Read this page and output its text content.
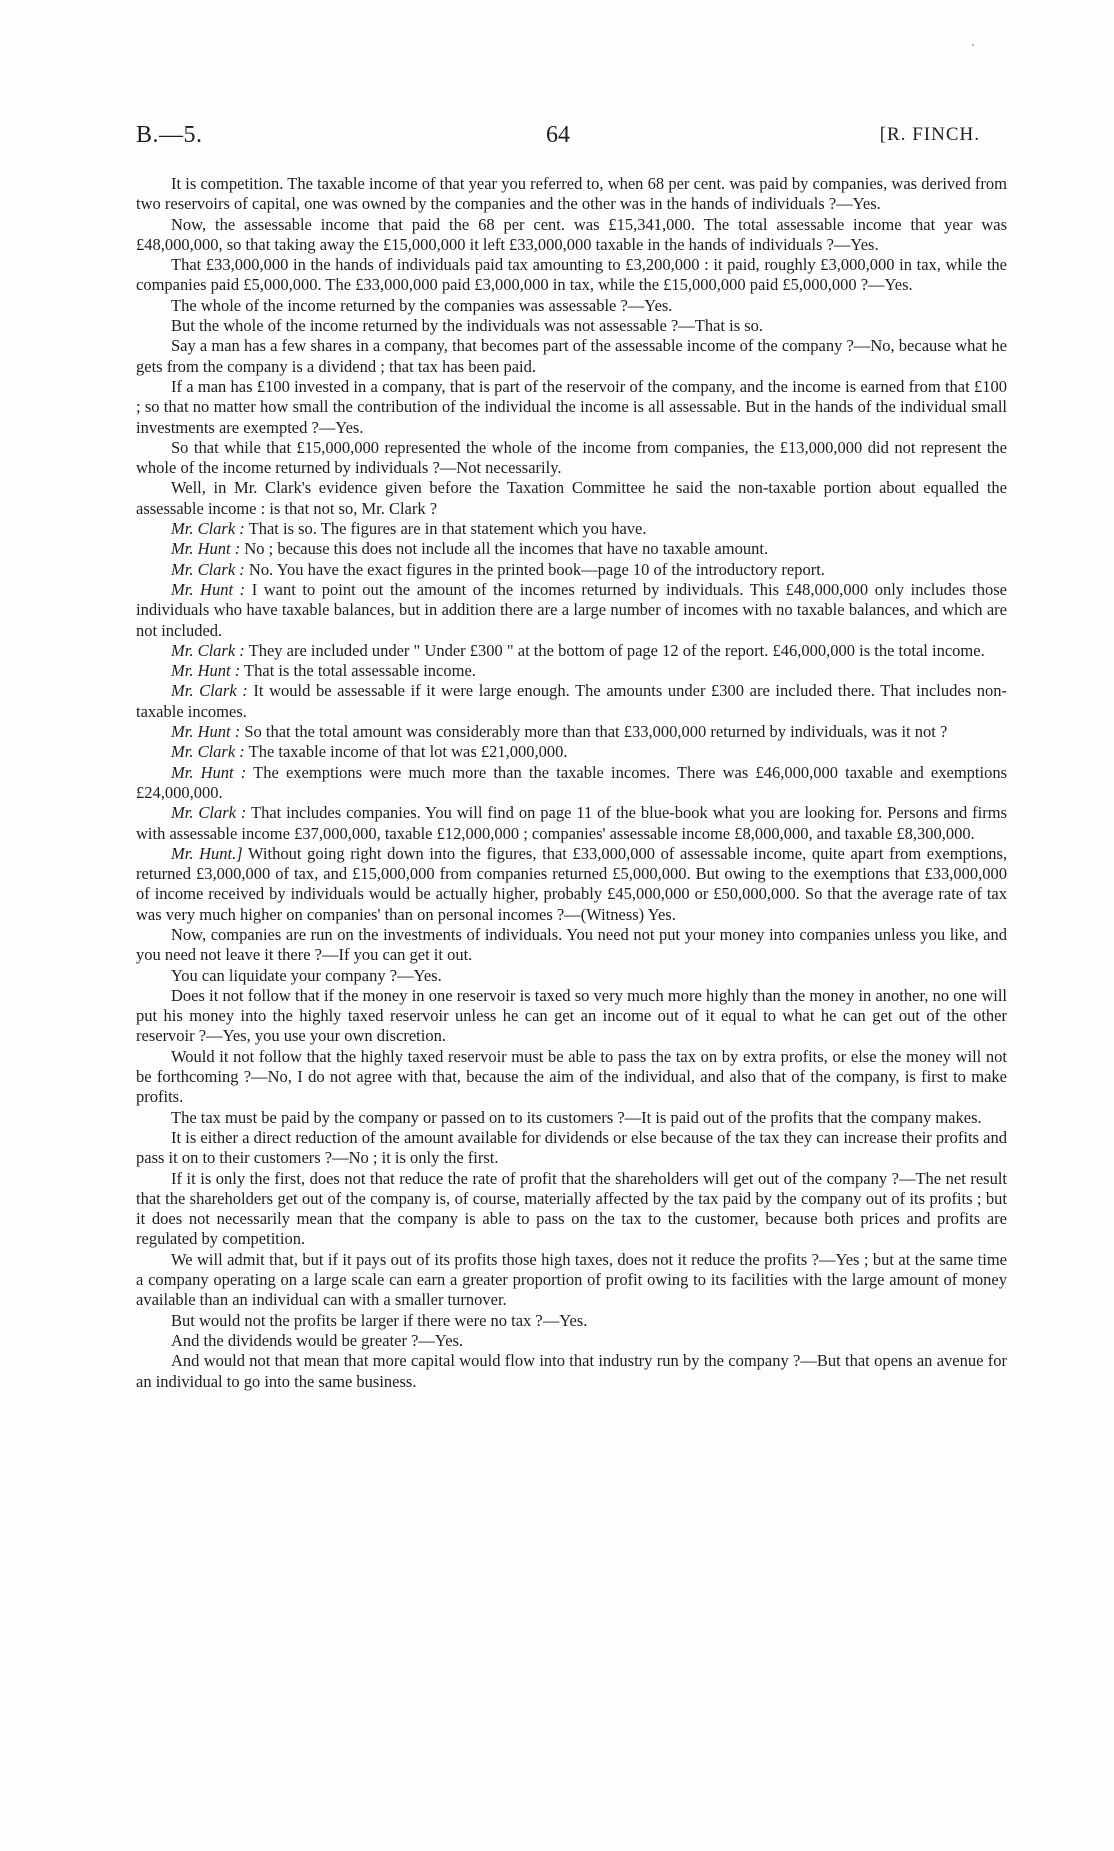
B.—5.	64	[R. FINCH.

It is competition. The taxable income of that year you referred to, when 68 per cent. was paid by companies, was derived from two reservoirs of capital, one was owned by the companies and the other was in the hands of individuals ?—Yes.

Now, the assessable income that paid the 68 per cent. was £15,341,000. The total assessable income that year was £48,000,000, so that taking away the £15,000,000 it left £33,000,000 taxable in the hands of individuals ?—Yes.

That £33,000,000 in the hands of individuals paid tax amounting to £3,200,000 : it paid, roughly £3,000,000 in tax, while the companies paid £5,000,000. The £33,000,000 paid £3,000,000 in tax, while the £15,000,000 paid £5,000,000 ?—Yes.

The whole of the income returned by the companies was assessable ?—Yes.

But the whole of the income returned by the individuals was not assessable ?—That is so.

Say a man has a few shares in a company, that becomes part of the assessable income of the company ?—No, because what he gets from the company is a dividend ; that tax has been paid.

If a man has £100 invested in a company, that is part of the reservoir of the company, and the income is earned from that £100 ; so that no matter how small the contribution of the individual the income is all assessable. But in the hands of the individual small investments are exempted ?—Yes.

So that while that £15,000,000 represented the whole of the income from companies, the £13,000,000 did not represent the whole of the income returned by individuals ?—Not necessarily.

Well, in Mr. Clark's evidence given before the Taxation Committee he said the non-taxable portion about equalled the assessable income : is that not so, Mr. Clark ?

Mr. Clark : That is so. The figures are in that statement which you have.

Mr. Hunt : No ; because this does not include all the incomes that have no taxable amount.

Mr. Clark : No. You have the exact figures in the printed book—page 10 of the introductory report.

Mr. Hunt : I want to point out the amount of the incomes returned by individuals. This £48,000,000 only includes those individuals who have taxable balances, but in addition there are a large number of incomes with no taxable balances, and which are not included.

Mr. Clark : They are included under " Under £300 " at the bottom of page 12 of the report. £46,000,000 is the total income.

Mr. Hunt : That is the total assessable income.

Mr. Clark : It would be assessable if it were large enough. The amounts under £300 are included there. That includes non-taxable incomes.

Mr. Hunt : So that the total amount was considerably more than that £33,000,000 returned by individuals, was it not ?

Mr. Clark : The taxable income of that lot was £21,000,000.

Mr. Hunt : The exemptions were much more than the taxable incomes. There was £46,000,000 taxable and exemptions £24,000,000.

Mr. Clark : That includes companies. You will find on page 11 of the blue-book what you are looking for. Persons and firms with assessable income £37,000,000, taxable £12,000,000 ; companies' assessable income £8,000,000, and taxable £8,300,000.

Mr. Hunt.] Without going right down into the figures, that £33,000,000 of assessable income, quite apart from exemptions, returned £3,000,000 of tax, and £15,000,000 from companies returned £5,000,000. But owing to the exemptions that £33,000,000 of income received by individuals would be actually higher, probably £45,000,000 or £50,000,000. So that the average rate of tax was very much higher on companies' than on personal incomes ?—(Witness) Yes.

Now, companies are run on the investments of individuals. You need not put your money into companies unless you like, and you need not leave it there ?—If you can get it out.

You can liquidate your company ?—Yes.

Does it not follow that if the money in one reservoir is taxed so very much more highly than the money in another, no one will put his money into the highly taxed reservoir unless he can get an income out of it equal to what he can get out of the other reservoir ?—Yes, you use your own discretion.

Would it not follow that the highly taxed reservoir must be able to pass the tax on by extra profits, or else the money will not be forthcoming ?—No, I do not agree with that, because the aim of the individual, and also that of the company, is first to make profits.

The tax must be paid by the company or passed on to its customers ?—It is paid out of the profits that the company makes.

It is either a direct reduction of the amount available for dividends or else because of the tax they can increase their profits and pass it on to their customers ?—No ; it is only the first.

If it is only the first, does not that reduce the rate of profit that the shareholders will get out of the company ?—The net result that the shareholders get out of the company is, of course, materially affected by the tax paid by the company out of its profits ; but it does not necessarily mean that the company is able to pass on the tax to the customer, because both prices and profits are regulated by competition.

We will admit that, but if it pays out of its profits those high taxes, does not it reduce the profits ?—Yes ; but at the same time a company operating on a large scale can earn a greater proportion of profit owing to its facilities with the large amount of money available than an individual can with a smaller turnover.

But would not the profits be larger if there were no tax ?—Yes.

And the dividends would be greater ?—Yes.

And would not that mean that more capital would flow into that industry run by the company ?—But that opens an avenue for an individual to go into the same business.
